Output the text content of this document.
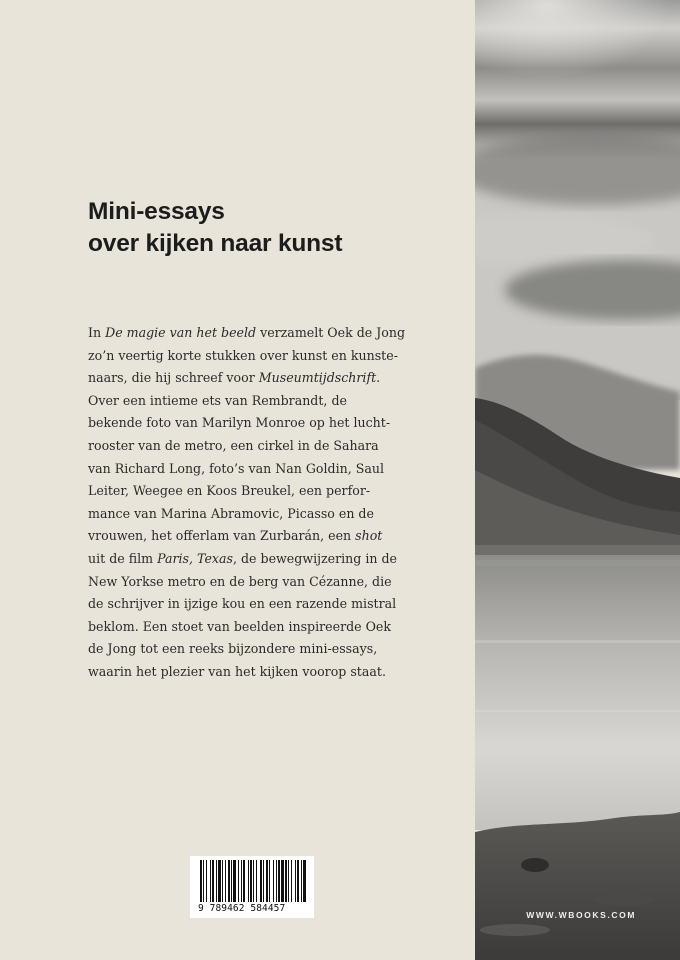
Mini-essays
over kijken naar kunst
In De magie van het beeld verzamelt Oek de Jong
zo’n veertig korte stukken over kunst en kunste-
naars, die hij schreef voor Museumtijdschrift.
Over een intieme ets van Rembrandt, de
bekende foto van Marilyn Monroe op het lucht-
rooster van de metro, een cirkel in de Sahara
van Richard Long, foto’s van Nan Goldin, Saul
Leiter, Weegee en Koos Breukel, een perfor-
mance van Marina Abramovic, Picasso en de
vrouwen, het offerlam van Zurbarán, een shot
uit de film Paris, Texas, de bewegwijzering in de
New Yorkse metro en de berg van Cézanne, die
de schrijver in ijzige kou en een razende mistral
beklom. Een stoet van beelden inspireerde Oek
de Jong tot een reeks bijzondere mini-essays,
waarin het plezier van het kijken voorop staat.
9 789462 584457
WWW.WBOOKS.COM
